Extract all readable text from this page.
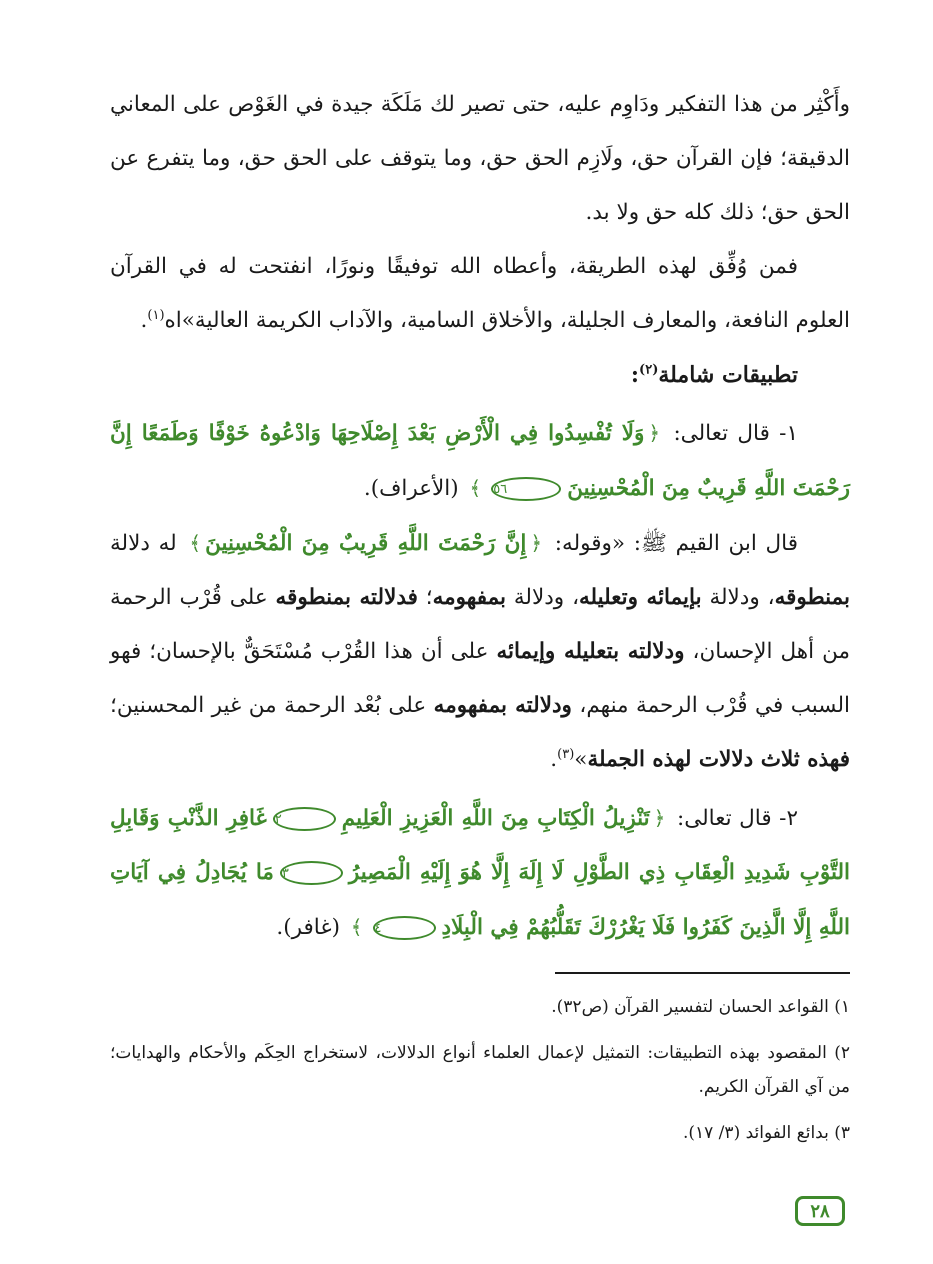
وأَكْثِر من هذا التفكير ودَاوِم عليه، حتى تصير لك مَلَكَة جيدة في الغَوْص على المعاني الدقيقة؛ فإن القرآن حق، ولَازِم الحق حق، وما يتوقف على الحق حق، وما يتفرع عن الحق حق؛ ذلك كله حق ولا بد.

فمن وُفِّق لهذه الطريقة، وأعطاه الله توفيقًا ونورًا، انفتحت له في القرآن العلوم النافعة، والمعارف الجليلة، والأخلاق السامية، والآداب الكريمة العالية»اه$^{(١)}$.

تطبيقات شاملة$^{(٢)}$:

١- قال تعالى: ﴿وَلَا تُفْسِدُوا فِي الْأَرْضِ بَعْدَ إِصْلَاحِهَا وَادْعُوهُ خَوْفًا وَطَمَعًا إِنَّ رَحْمَتَ اللَّهِ قَرِيبٌ مِنَ الْمُحْسِنِينَ٥٦﴾ (الأعراف).

قال ابن القيم ﷺ: «وقوله: ﴿إِنَّ رَحْمَتَ اللَّهِ قَرِيبٌ مِنَ الْمُحْسِنِينَ﴾ له دلالة بمنطوقه، ودلالة بإيمائه وتعليله، ودلالة بمفهومه؛ فدلالته بمنطوقه على قُرْب الرحمة من أهل الإحسان، ودلالته بتعليله وإيمائه على أن هذا القُرْب مُسْتَحَقٌّ بالإحسان؛ فهو السبب في قُرْب الرحمة منهم، ودلالته بمفهومه على بُعْد الرحمة من غير المحسنين؛ فهذه ثلاث دلالات لهذه الجملة»$^{(٣)}$.

٢- قال تعالى: ﴿تَنْزِيلُ الْكِتَابِ مِنَ اللَّهِ الْعَزِيزِ الْعَلِيمِ٢غَافِرِ الذَّنْبِ وَقَابِلِ التَّوْبِ شَدِيدِ الْعِقَابِ ذِي الطَّوْلِ لَا إِلَهَ إِلَّا هُوَ إِلَيْهِ الْمَصِيرُ٣مَا يُجَادِلُ فِي آيَاتِ اللَّهِ إِلَّا الَّذِينَ كَفَرُوا فَلَا يَغْرُرْكَ تَقَلُّبُهُمْ فِي الْبِلَادِ٤﴾ (غافر).

١) القواعد الحسان لتفسير القرآن (ص٣٢).

٢) المقصود بهذه التطبيقات: التمثيل لإعمال العلماء أنواع الدلالات، لاستخراج الحِكَم والأحكام والهدايات؛ من آي القرآن الكريم.

٣) بدائع الفوائد (٣/ ١٧).

٢٨
